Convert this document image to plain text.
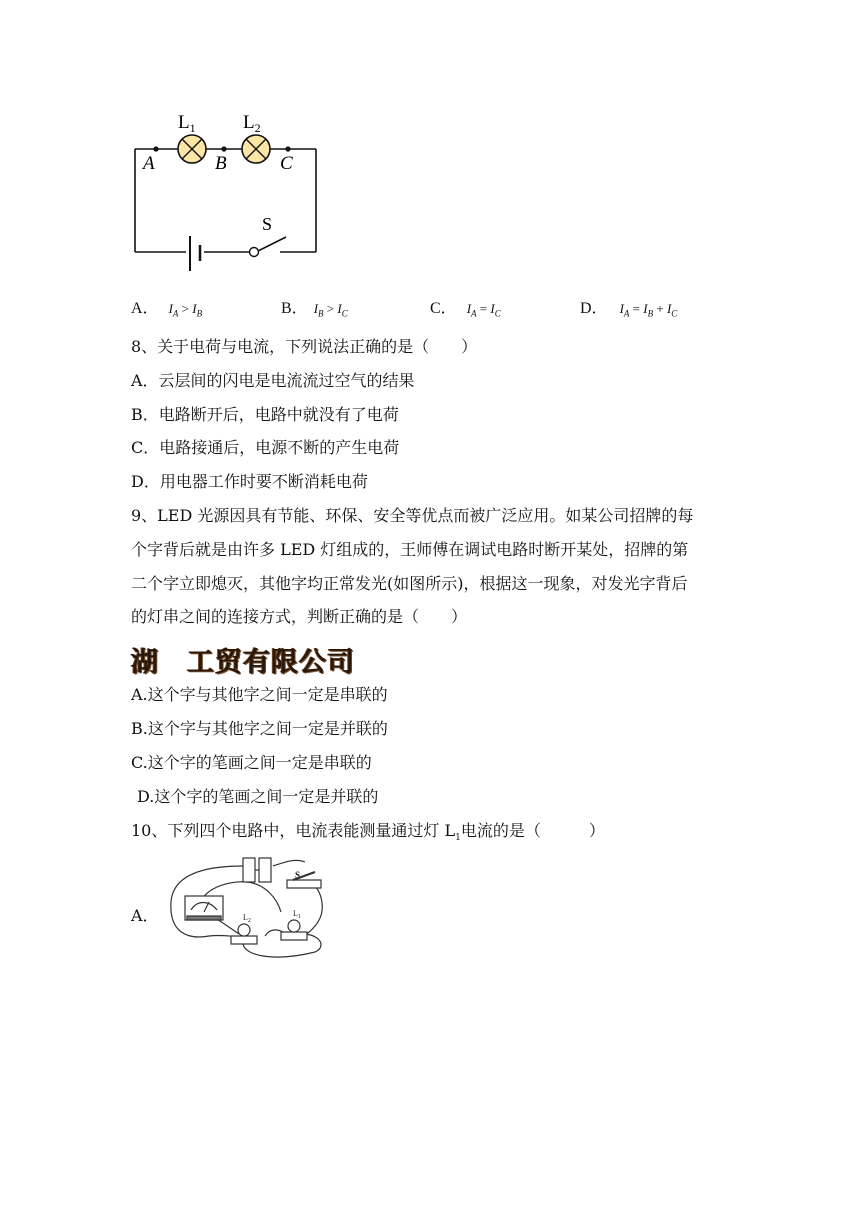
$L_1$ $L_2$
A	B	C
S
A． $I_A > I_B$	B． $I_B > I_C$	C． $I_A = I_C$	D． $I_A = I_B + I_C$
8、关于电荷与电流，下列说法正确的是（　　）
A．云层间的闪电是电流流过空气的结果
B．电路断开后，电路中就没有了电荷
C．电路接通后，电源不断的产生电荷
D．用电器工作时要不断消耗电荷
9、LED 光源因具有节能、环保、安全等优点而被广泛应用。如某公司招牌的每
个字背后就是由许多 LED 灯组成的，王师傅在调试电路时断开某处，招牌的第
二个字立即熄灭，其他字均正常发光(如图所示)，根据这一现象，对发光字背后
的灯串之间的连接方式，判断正确的是（　　）
湖　工贸有限公司
A.这个字与其他字之间一定是串联的
B.这个字与其他字之间一定是并联的
C.这个字的笔画之间一定是串联的
D.这个字的笔画之间一定是并联的
10、下列四个电路中，电流表能测量通过灯 $L_1$电流的是（　　　）
A．
S
$L_2$
$L_1$
